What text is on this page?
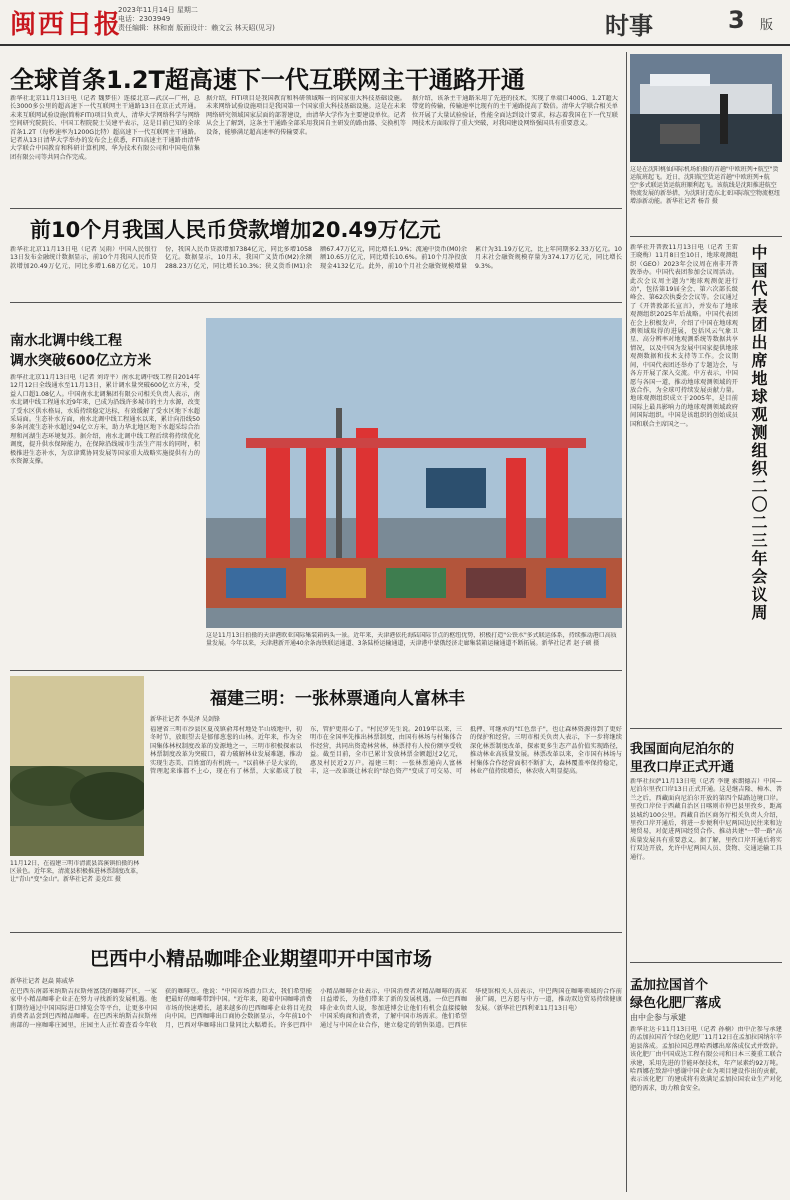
闽西日报
2023年11月14日 星期二
电话：2303949
责任编辑：林和南 版面设计：赖文云 林天昭(见习)	时事	3 版
全球首条1.2T超高速下一代互联网主干通路开通
新华社北京11月13日电（记者 魏梦佳）连接北京—武汉—广州，总长3000多公里的超高速下一代互联网主干通路13日在京正式开通。未来互联网试验设施(简称FITI)项目负责人、清华大学网络科学与网络空间研究院院长、中国工程院院士吴建平表示，这是目前已知的全球首条1.2T（每秒速率为1200G比特）超高速下一代互联网主干通路。记者从13日清华大学举办的发布会上获悉，FITI高速主干通路由清华大学联合中国教育和科研计算机网、华为技术有限公司和中国电信集团有限公司等共同合作完成。
据介绍，FITI项目是我国教育和科研领域唯一的国家重大科技基础设施。未来网络试验设施项目是我国第一个国家重大科技基础设施。这是在未来网络研究领域国家层面的部署建设，由清华大学作为主要建设单位。记者从会上了解到，这条主干通路全部采用我国自主研发的路由器、交换机等设备，能够满足超高速率的传输要求。
据介绍，该条主干通路采用了先进的技术，实现了单端口400G、1.2T超大带宽的传输，传输速率比现有的主干通路提高了数倍。清华大学联合相关单位开展了大量试验验证，性能全面达到设计要求，标志着我国在下一代互联网技术方面取得了重大突破，对我国建设网络强国具有重要意义。
这是在沈阳桃仙国际机场拍摄的首趟"中欧班列+航空"货运航班起飞。近日，沈阳航空货运首趟"中欧班列+航空"多式联运货运航班顺利起飞。该航线是沈阳推进航空物流发展的新举措，为沈阳打造东北亚国际航空物流枢纽增添新动能。新华社记者 杨青 摄
前10个月我国人民币贷款增加20.49万亿元
新华社北京11月13日电（记者 吴雨）中国人民银行13日发布金融统计数据显示，前10个月我国人民币贷款增加20.49万亿元，同比多增1.68万亿元。10月份，我国人民币贷款增加7384亿元，同比多增1058亿元。数据显示，10月末，我国广义货币(M2)余额288.23万亿元，同比增长10.3%；狭义货币(M1)余额67.47万亿元，同比增长1.9%；流通中货币(M0)余额10.65万亿元，同比增长10.6%。前10个月净投放现金4132亿元。此外，前10个月社会融资规模增量累计为31.19万亿元，比上年同期多2.33万亿元。10月末社会融资规模存量为374.17万亿元，同比增长9.3%。
南水北调中线工程
调水突破600亿立方米
新华社北京11月13日电（记者 刘诗平）南水北调中线工程自2014年12月12日全线通水至11月13日，累计调水量突破600亿立方米，受益人口超1.08亿人。中国南水北调集团有限公司相关负责人表示，南水北调中线工程通水近9年来，已成为沿线许多城市的主力水源，改变了受水区供水格局，水质持续稳定达标，有效缓解了受水区地下水超采局面。生态补水方面，南水北调中线工程通水以来，累计向沿线50多条河流生态补水超过94亿立方米，助力华北地区地下水超采综合治理和河湖生态环境复苏。据介绍，南水北调中线工程后续将持续优化调度，提升供水保障能力，在保障沿线城市生活生产用水的同时，积极推进生态补水，为京津冀协同发展等国家重大战略实施提供有力的水资源支撑。
这是11月13日拍摄的天津港欧亚国际集装箱码头一景。近年来，天津港依托海陆国际节点的枢纽优势，积极打造"公铁水"多式联运体系，持续推动港口高质量发展。今年以来，天津港新开通40余条海铁联运通道、3条陆桥运输通道，天津港中蒙俄经济走廊集装箱运输通道不断拓展。新华社记者 赵子硕 摄
福建三明：一张林票通向人富林丰
新华社记者 李昊泽 吴剑锋
福建省三明市沙县区夏茂镇俞邦村地处半山坡地中，初冬时节，放眼望去是郁郁葱葱的山林。近年来，作为全国集体林权制度改革的发源地之一，三明市积极探索以林票制度改革为突破口，着力破解林业发展难题，推动实现生态美、百姓富的有机统一。"以前林子是大家的，管理起来谁都不上心，现在有了林票，大家都成了股东，管护更用心了。"村民罗先生说。2019年以来，三明市在全国率先推出林票制度，由国有林场与村集体合作经营，共同出资造林营林，林票持有人按份额享受收益。截至目前，全市已累计发放林票金额超过2亿元，惠及村民近2万户。福建三明：一张林票通向人富林丰，这一改革既让林农的"绿色资产"变成了可交易、可抵押、可继承的"红色票子"，也让森林资源得到了更好的保护和经营。三明市相关负责人表示，下一步将继续深化林票制度改革，探索更多生态产品价值实现路径，推动林业高质量发展。林票改革以来，全市国有林场与村集体合作经营面积不断扩大，森林覆盖率保持稳定，林业产值持续增长，林农收入明显提高。
11月12日，在福建三明市清流县嵩溪镇拍摄的林区景色。近年来，清流县积极推进林票制度改革，让"青山"变"金山"。新华社记者 姜克红 摄
巴西中小精品咖啡企业期望叩开中国市场
新华社记者 赵焱 陈威华
在巴西东南部米纳斯吉拉斯州富饶的咖啡产区，一家家中小精品咖啡企业正在努力寻找新的发展机遇。他们期待通过中国国际进口博览会等平台，让更多中国消费者品尝到巴西精品咖啡。在巴西米纳斯吉拉斯州南部的一座咖啡庄园里，庄园主人正忙着查看今年收获的咖啡豆。他说："中国市场潜力巨大，我们希望能把最好的咖啡带到中国。"近年来，随着中国咖啡消费市场的快速增长，越来越多的巴西咖啡企业将目光投向中国。巴西咖啡出口商协会数据显示，今年前10个月，巴西对华咖啡出口量同比大幅增长。许多巴西中小精品咖啡企业表示，中国消费者对精品咖啡的需求日益增长，为他们带来了新的发展机遇。一位巴西咖啡企业负责人说，参加进博会让他们有机会直接接触中国采购商和消费者，了解中国市场需求。他们希望通过与中国企业合作，建立稳定的销售渠道。巴西驻华使馆相关人员表示，中巴两国在咖啡领域的合作前景广阔，巴方愿与中方一道，推动双边贸易持续健康发展。（新华社巴西利亚11月13日电）
新华社开普敦11月13日电（记者 王雷 王晓梅）11月8日至10日，地球观测组织（GEO）2023年会议周在南非开普敦举办。中国代表团参加会议周活动。此次会议周主题为"地球观测促进行动"，包括第19届全会、第六次部长级峰会、第62次执委会会议等。会议通过了《开普敦部长宣言》，并发布了地球观测组织2025年后战略。中国代表团在会上积极发声，介绍了中国在地球观测领域取得的进展，包括风云气象卫星、高分辨率对地观测系统等数据共享情况，以及中国为发展中国家提供地球观测数据和技术支持等工作。会议期间，中国代表团还举办了专题边会，与各方开展了深入交流。中方表示，中国愿与各国一道，推动地球观测领域的开放合作，为全球可持续发展贡献力量。地球观测组织成立于2005年，是目前国际上最具影响力的地球观测领域政府间国际组织。中国是该组织的创始成员国和联合主席国之一。	中国代表团出席地球观测组织二〇二三年会议周
我国面向尼泊尔的
里孜口岸正式开通
新华社拉萨11月13日电（记者 李键 索朗德吉）中国—尼泊尔里孜口岸13日正式开通。这是继吉隆、樟木、普兰之后，西藏面向尼泊尔开放的第四个陆路边境口岸。里孜口岸位于西藏自治区日喀则市仲巴县里孜乡，距离县城约100公里。西藏自治区商务厅相关负责人介绍，里孜口岸开通后，将进一步便利中尼两国边民往来和边境贸易，对促进两国经贸合作、推动共建"一带一路"高质量发展具有重要意义。据了解，里孜口岸开通后将实行双边开放，允许中尼两国人员、货物、交通运输工具通行。
孟加拉国首个
绿色化肥厂落成
由中企参与承建
新华社达卡11月13日电（记者 孙楠）由中企参与承建的孟加拉国首个绿色化肥厂11月12日在孟加拉国纳尔辛迪县落成。孟加拉国总理哈西娜出席落成仪式并致辞。该化肥厂由中国成达工程有限公司和日本三菱重工联合承建，采用先进的节能环保技术，年产尿素约92万吨。哈西娜在致辞中感谢中国企业为项目建设作出的贡献，表示该化肥厂的建成将有效满足孟加拉国农业生产对化肥的需求，助力粮食安全。
